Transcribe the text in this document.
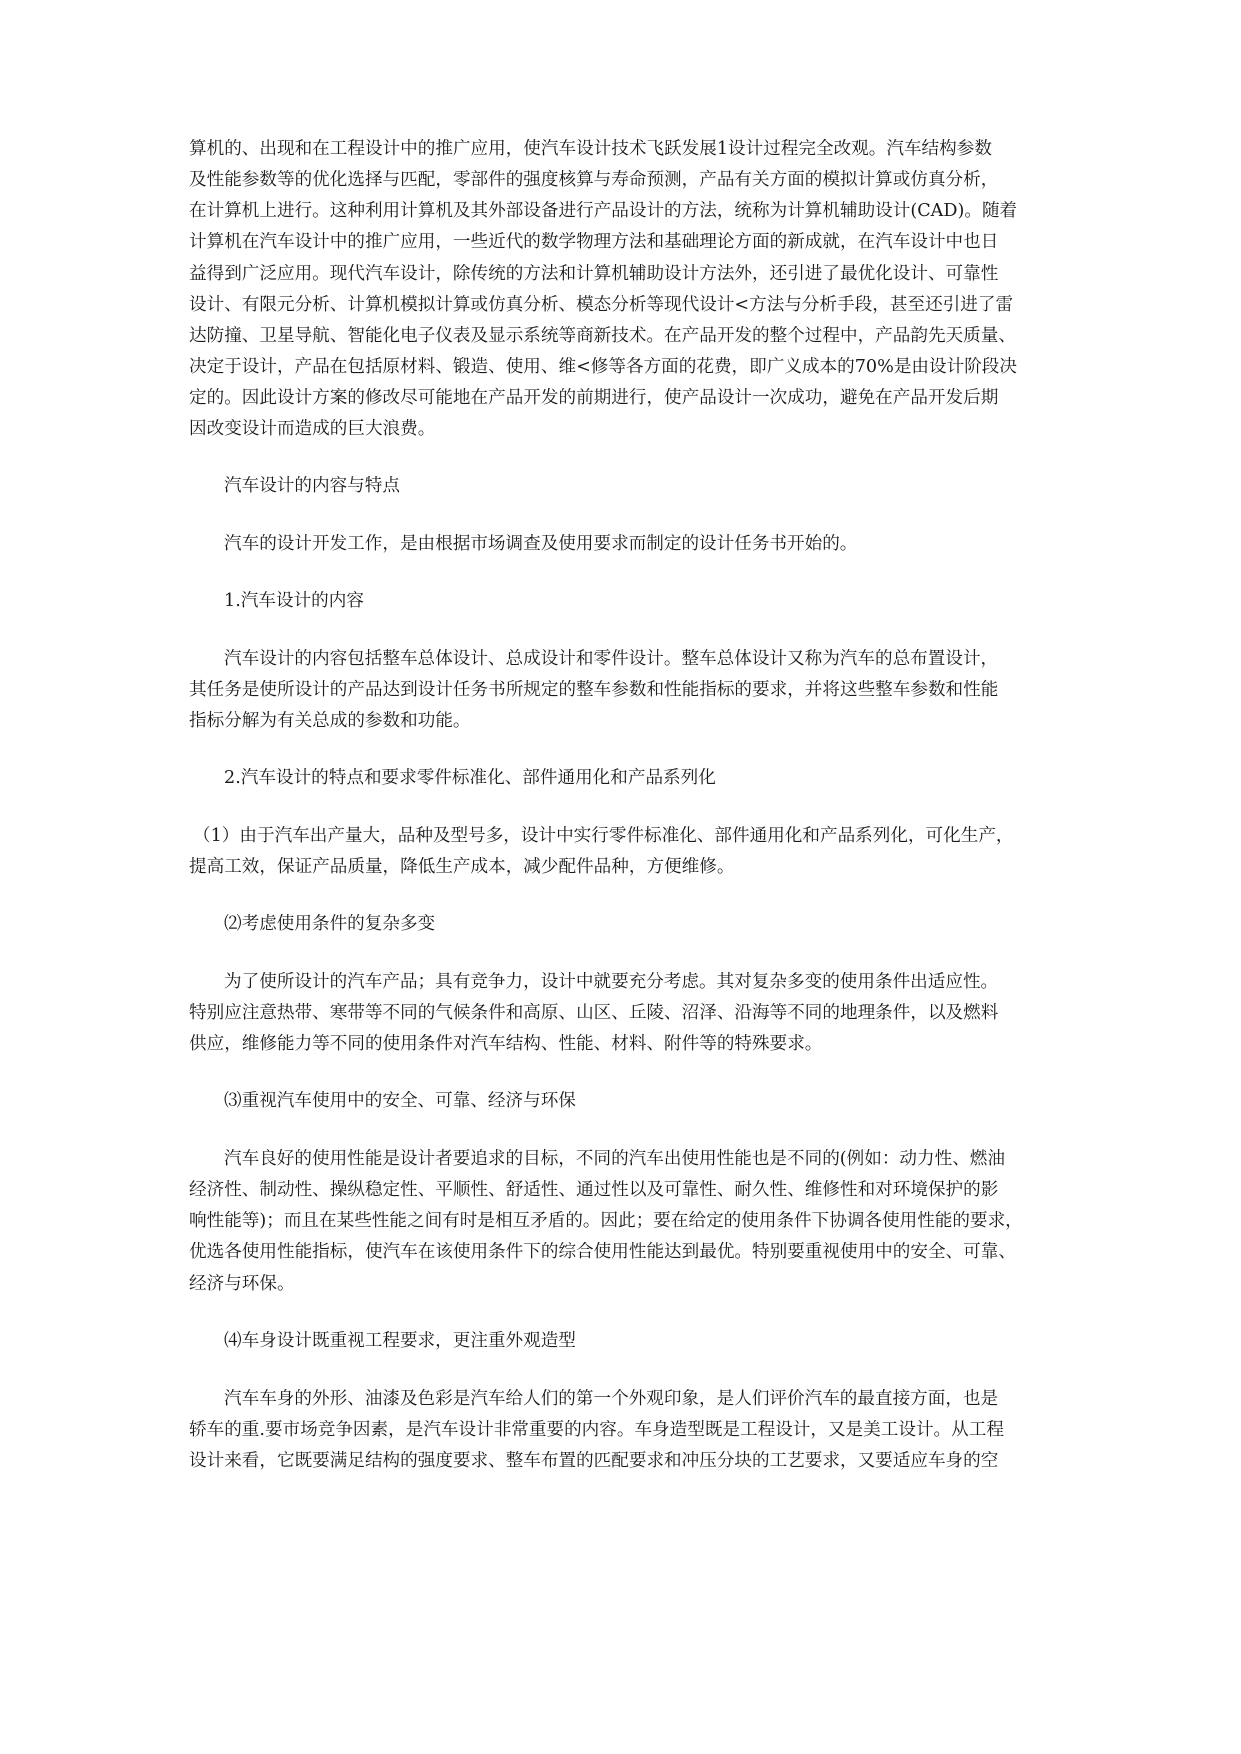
算机的、出现和在工程设计中的推广应用，使汽车设计技术飞跃发展1设计过程完全改观。汽车结构参数
及性能参数等的优化选择与匹配，零部件的强度核算与寿命预测，产品有关方面的模拟计算或仿真分析，
在计算机上进行。这种利用计算机及其外部设备进行产品设计的方法，统称为计算机辅助设计(CAD)。随着
计算机在汽车设计中的推广应用，一些近代的数学物理方法和基础理论方面的新成就，在汽车设计中也日
益得到广泛应用。现代汽车设计，除传统的方法和计算机辅助设计方法外，还引进了最优化设计、可靠性
设计、有限元分析、计算机模拟计算或仿真分析、模态分析等现代设计<方法与分析手段，甚至还引进了雷
达防撞、卫星导航、智能化电子仪表及显示系统等商新技术。在产品开发的整个过程中，产品韵先天质量、
决定于设计，产品在包括原材料、锻造、使用、维<修等各方面的花费，即广义成本的70%是由设计阶段决
定的。因此设计方案的修改尽可能地在产品开发的前期进行，使产品设计一次成功，避免在产品开发后期
因改变设计而造成的巨大浪费。
汽车设计的内容与特点
汽车的设计开发工作，是由根据市场调查及使用要求而制定的设计任务书开始的。
1.汽车设计的内容
汽车设计的内容包括整车总体设计、总成设计和零件设计。整车总体设计又称为汽车的总布置设计，
其任务是使所设计的产品达到设计任务书所规定的整车参数和性能指标的要求，并将这些整车参数和性能
指标分解为有关总成的参数和功能。
2.汽车设计的特点和要求零件标准化、部件通用化和产品系列化
（1）由于汽车出产量大，品种及型号多，设计中实行零件标准化、部件通用化和产品系列化，可化生产，
提高工效，保证产品质量，降低生产成本，减少配件品种，方便维修。
⑵考虑使用条件的复杂多变
为了使所设计的汽车产品；具有竞争力，设计中就要充分考虑。其对复杂多变的使用条件出适应性。
特别应注意热带、寒带等不同的气候条件和高原、山区、丘陵、沼泽、沿海等不同的地理条件，以及燃料
供应，维修能力等不同的使用条件对汽车结构、性能、材料、附件等的特殊要求。
⑶重视汽车使用中的安全、可靠、经济与环保
汽车良好的使用性能是设计者要追求的目标，不同的汽车出使用性能也是不同的(例如：动力性、燃油
经济性、制动性、操纵稳定性、平顺性、舒适性、通过性以及可靠性、耐久性、维修性和对环境保护的影
响性能等)；而且在某些性能之间有时是相互矛盾的。因此；要在给定的使用条件下协调各使用性能的要求，
优选各使用性能指标，使汽车在该使用条件下的综合使用性能达到最优。特别要重视使用中的安全、可靠、
经济与环保。
⑷车身设计既重视工程要求，更注重外观造型
汽车车身的外形、油漆及色彩是汽车给人们的第一个外观印象，是人们评价汽车的最直接方面，也是
轿车的重.要市场竞争因素，是汽车设计非常重要的内容。车身造型既是工程设计，又是美工设计。从工程
设计来看，它既要满足结构的强度要求、整车布置的匹配要求和冲压分块的工艺要求，又要适应车身的空
